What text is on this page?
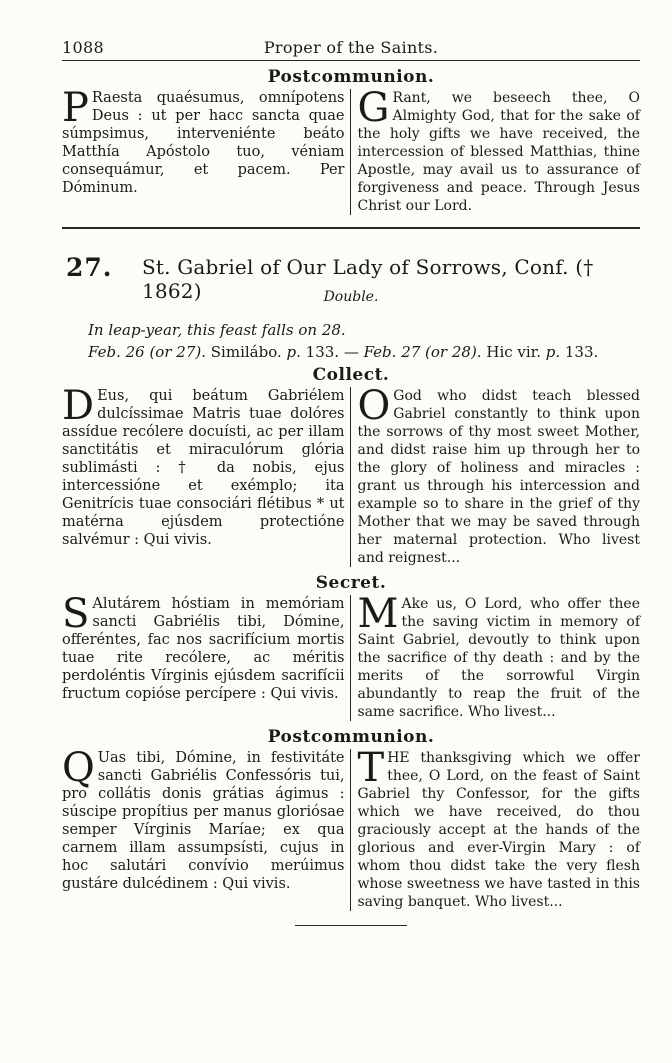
1088	Proper of the Saints.
Postcommunion.
P Raesta quaésumus, omnípotens Deus : ut per hacc sancta quae súmpsimus, interveniénte beáto Matthía Apóstolo tuo, véniam consequámur, et pacem. Per Dóminum.
G Rant, we beseech thee, O Almighty God, that for the sake of the holy gifts we have received, the intercession of blessed Matthias, thine Apostle, may avail us to assurance of forgiveness and peace. Through Jesus Christ our Lord.
27. St. Gabriel of Our Lady of Sorrows, Conf. († 1862)	Double.
In leap-year, this feast falls on 28.
Feb. 26 (or 27). Similábo. p. 133. — Feb. 27 (or 28). Hic vir. p. 133.
Collect.
D Eus, qui beátum Gabriélem dulcíssimae Matris tuae dolóres assídue recólere docuísti, ac per illam sanctitátis et miraculórum glória sublimásti : † da nobis, ejus intercessióne et exémplo; ita Genitrícis tuae consociári flétibus * ut matérna ejúsdem protectióne salvémur : Qui vivis.
O God who didst teach blessed Gabriel constantly to think upon the sorrows of thy most sweet Mother, and didst raise him up through her to the glory of holiness and miracles : grant us through his intercession and example so to share in the grief of thy Mother that we may be saved through her maternal protection. Who livest and reignest...
Secret.
S Alutárem hóstiam in memóriam sancti Gabriélis tibi, Dómine, offeréntes, fac nos sacrifícium mortis tuae rite recólere, ac méritis perdoléntis Vírginis ejúsdem sacrifícii fructum copióse percípere : Qui vivis.
M Ake us, O Lord, who offer thee the saving victim in memory of Saint Gabriel, devoutly to think upon the sacrifice of thy death : and by the merits of the sorrowful Virgin abundantly to reap the fruit of the same sacrifice. Who livest...
Postcommunion.
Q Uas tibi, Dómine, in festivitáte sancti Gabriélis Confessóris tui, pro collátis donis grátias ágimus : súscipe propítius per manus gloriósae semper Vírginis Maríae; ex qua carnem illam assumpsísti, cujus in hoc salutári convívio merúimus gustáre dulcédinem : Qui vivis.
THE thanksgiving which we offer thee, O Lord, on the feast of Saint Gabriel thy Confessor, for the gifts which we have received, do thou graciously accept at the hands of the glorious and ever-Virgin Mary : of whom thou didst take the very flesh whose sweetness we have tasted in this saving banquet. Who livest...
